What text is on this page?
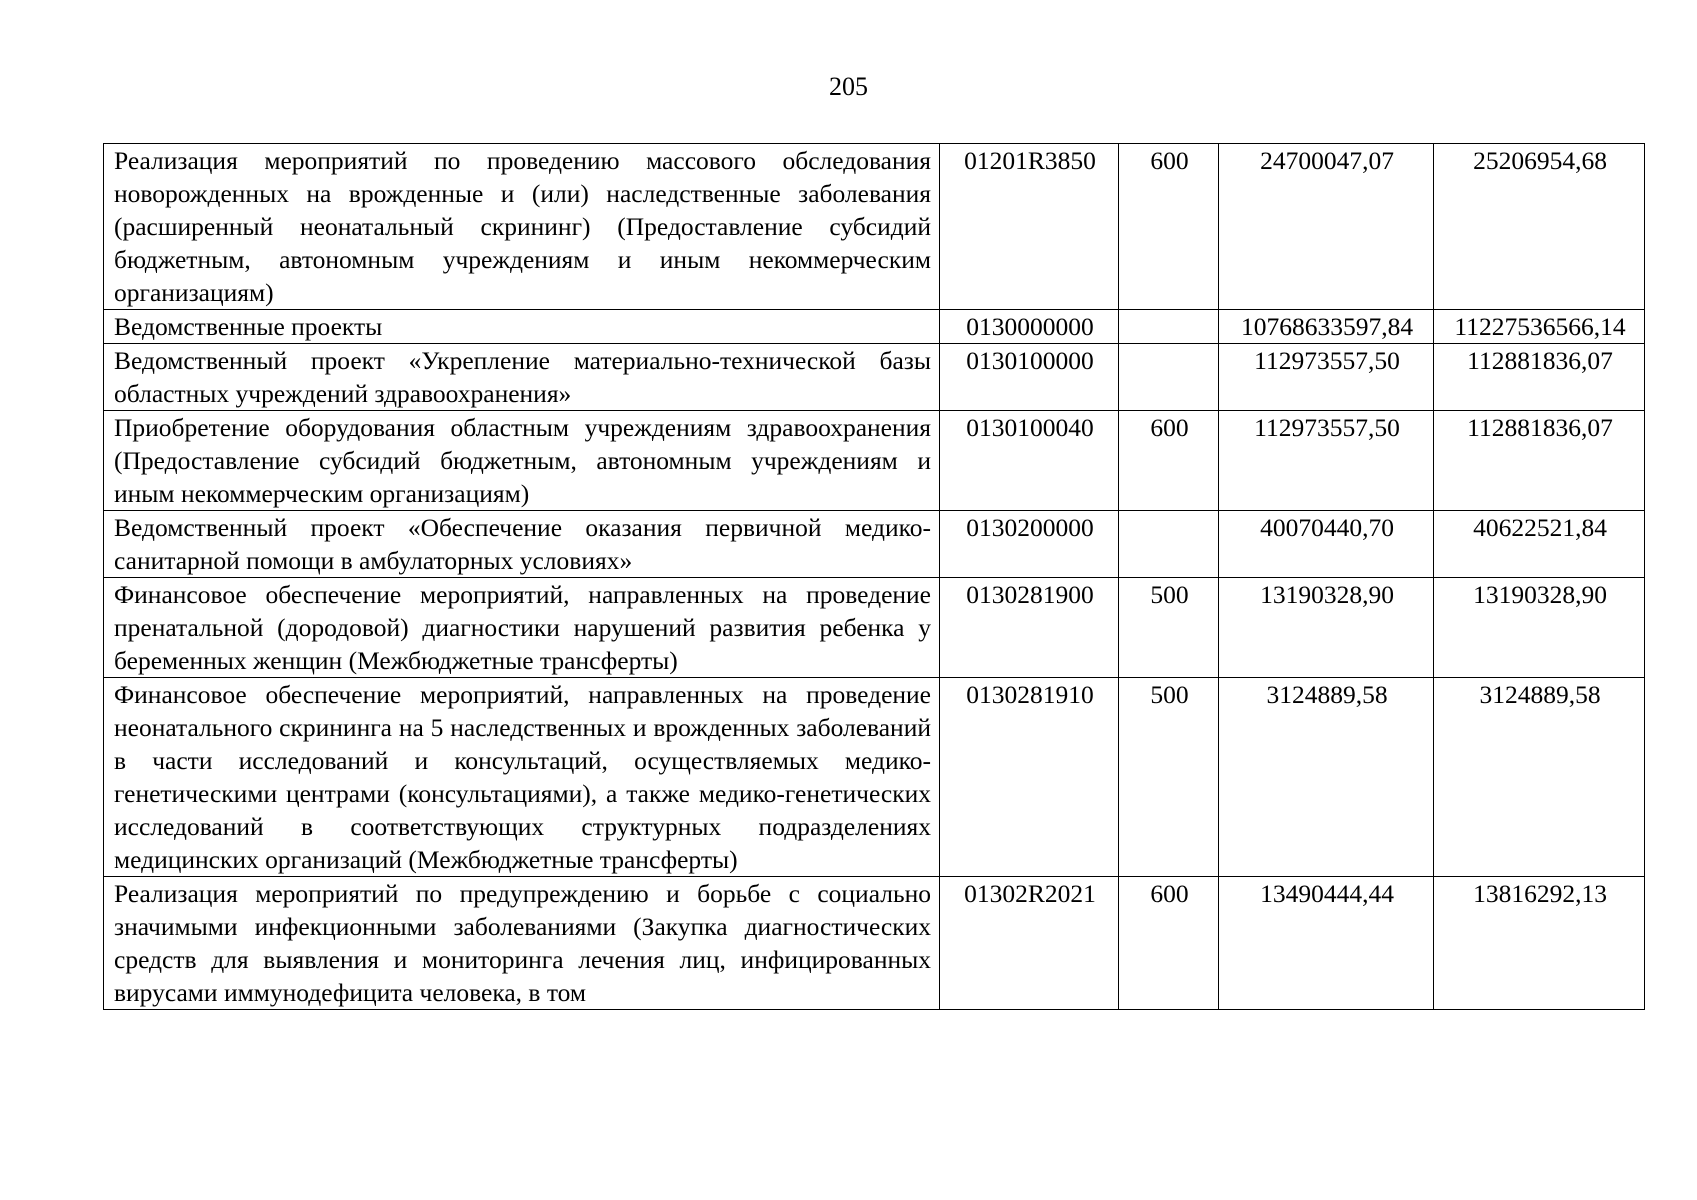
205
Реализация мероприятий по проведению массового обследования новорожденных на врожденные и (или) наследственные заболевания (расширенный неонатальный скрининг) (Предоставление субсидий бюджетным, автономным учреждениям и иным некоммерческим организациям)	01201R3850	600	24700047,07	25206954,68
Ведомственные проекты	0130000000		10768633597,84	11227536566,14
Ведомственный проект «Укрепление материально-технической базы областных учреждений здравоохранения»	0130100000		112973557,50	112881836,07
Приобретение оборудования областным учреждениям здравоохранения (Предоставление субсидий бюджетным, автономным учреждениям и иным некоммерческим организациям)	0130100040	600	112973557,50	112881836,07
Ведомственный проект «Обеспечение оказания первичной медико-санитарной помощи в амбулаторных условиях»	0130200000		40070440,70	40622521,84
Финансовое обеспечение мероприятий, направленных на проведение пренатальной (дородовой) диагностики нарушений развития ребенка у беременных женщин (Межбюджетные трансферты)	0130281900	500	13190328,90	13190328,90
Финансовое обеспечение мероприятий, направленных на проведение неонатального скрининга на 5 наследственных и врожденных заболеваний в части исследований и консультаций, осуществляемых медико-генетическими центрами (консультациями), а также медико-генетических исследований в соответствующих структурных подразделениях медицинских организаций (Межбюджетные трансферты)	0130281910	500	3124889,58	3124889,58
Реализация мероприятий по предупреждению и борьбе с социально значимыми инфекционными заболеваниями (Закупка диагностических средств для выявления и мониторинга лечения лиц, инфицированных вирусами иммунодефицита человека, в том	01302R2021	600	13490444,44	13816292,13
